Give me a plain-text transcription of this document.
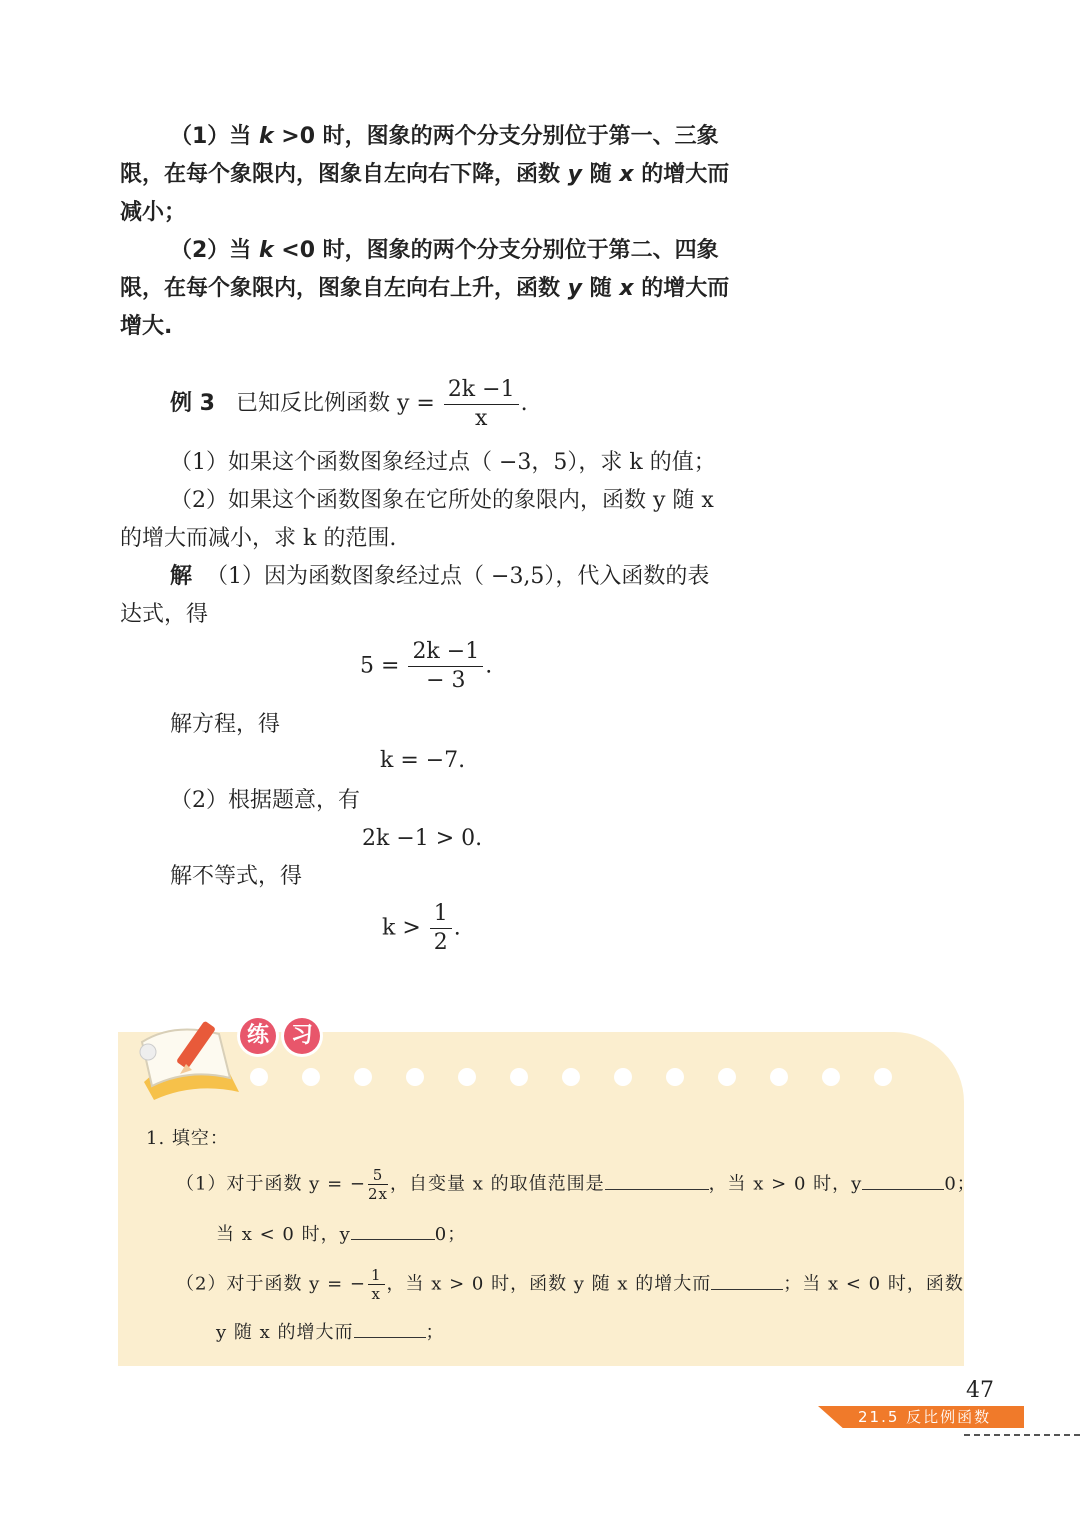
（1）当 k >0 时，图象的两个分支分别位于第一、三象
限，在每个象限内，图象自左向右下降，函数 y 随 x 的增大而
减小；
（2）当 k <0 时，图象的两个分支分别位于第二、四象
限，在每个象限内，图象自左向右上升，函数 y 随 x 的增大而
增大.
例 3 已知反比例函数 $y = \frac{2k -1}{x}$ .
（1）如果这个函数图象经过点（ −3，5），求 k 的值；
（2）如果这个函数图象在它所处的象限内，函数 y 随 x
的增大而减小，求 k 的范围.
解 （1）因为函数图象经过点（ −3,5），代入函数的表
达式，得
$5 = \frac{2k -1}{- 3}$ .
解方程，得
k = −7.
（2）根据题意，有
2k −1 > 0.
解不等式，得
$k > \frac{1}{2}$ .
练 习
1. 填空：
（1）对于函数 y = − $\frac{5}{2x}$ ，自变量 x 的取值范围是	，当 x > 0 时，y	0；
当 x < 0 时，y	0；
（2）对于函数 y = − $\frac{1}{x}$ ，当 x > 0 时，函数 y 随 x 的增大而	；当 x < 0 时，函数
y 随 x 的增大而	；
47
21.5 反比例函数
